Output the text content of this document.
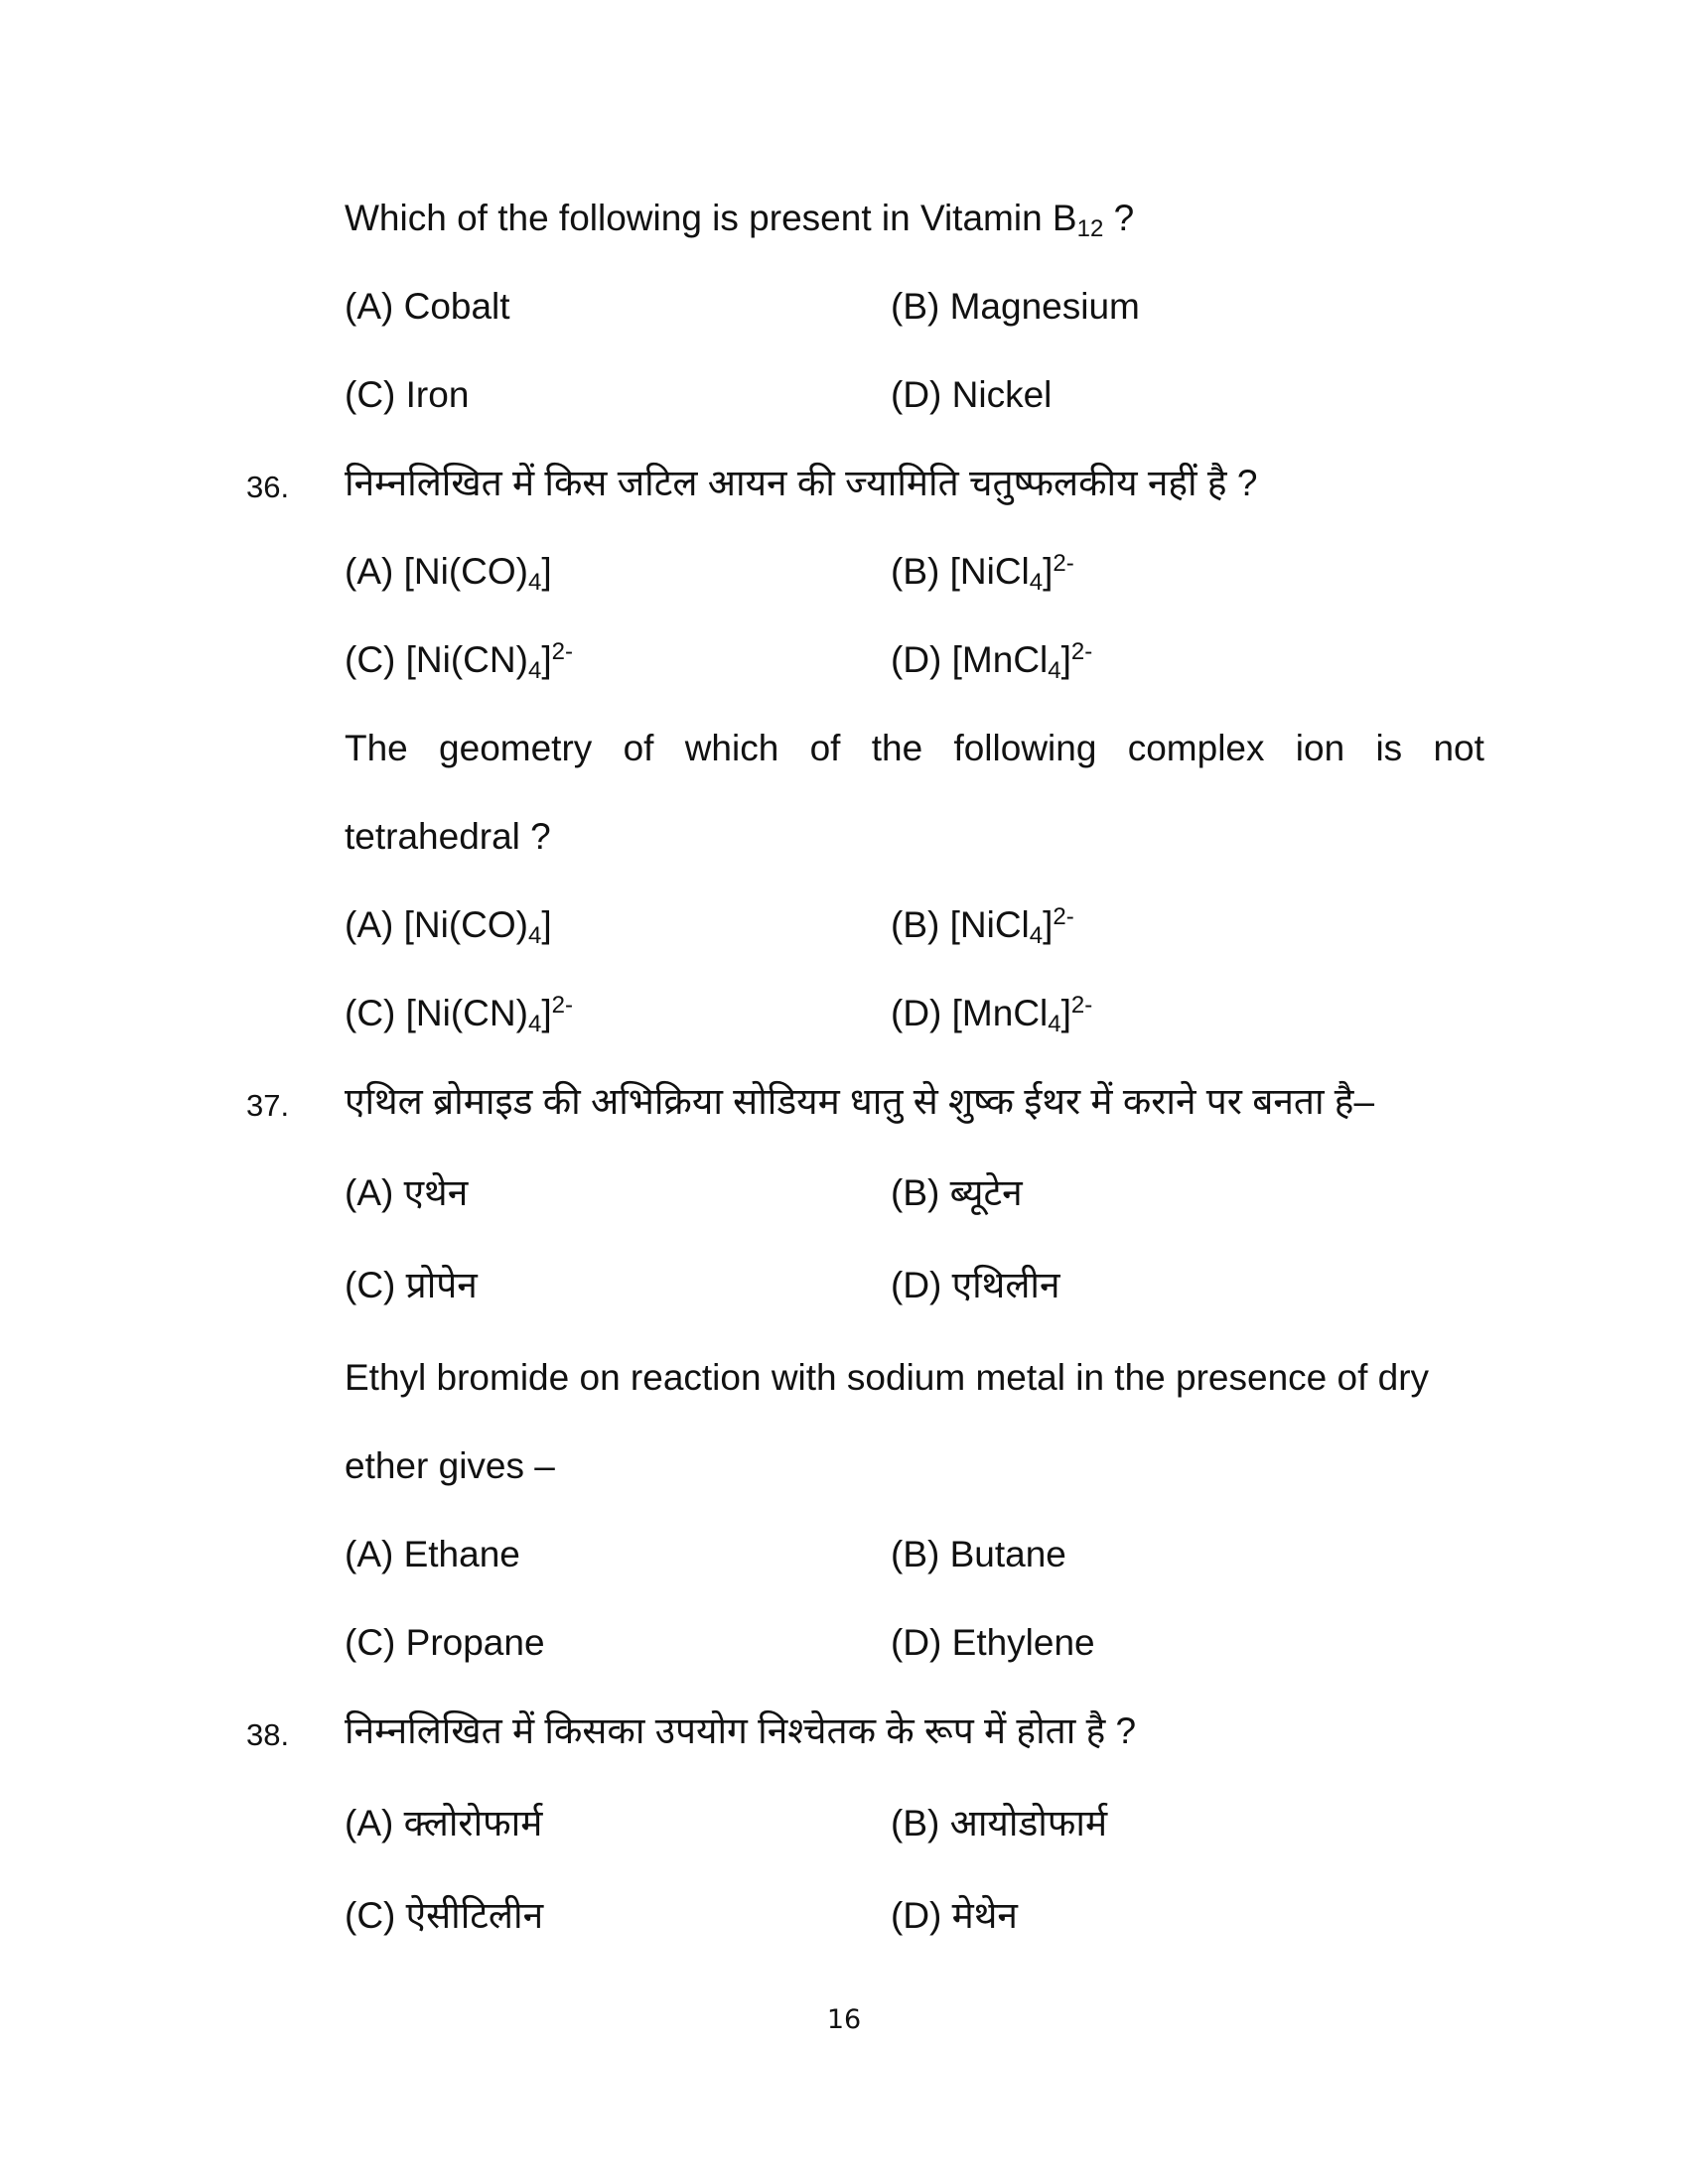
Which of the following is present in Vitamin $B_{12}$ ?
(A) Cobalt	(B) Magnesium
(C) Iron	(D) Nickel
36. निम्नलिखित में किस जटिल आयन की ज्यामिति चतुष्फलकीय नहीं है ?
(A) $[Ni(CO)_4]$	(B) [NiCl$_4$]$^{2-}$
(C) $[Ni(CN)_4]^{2-}$	(D) [MnCl$_4$]$^{2-}$
The geometry of which of the following complex ion is not
tetrahedral ?
(A) $[Ni(CO)_4]$	(B) [NiCl$_4$]$^{2-}$
(C) $[Ni(CN)_4]^{2-}$	(D) [MnCl$_4$]$^{2-}$
37. एथिल ब्रोमाइड की अभिक्रिया सोडियम धातु से शुष्क ईथर में कराने पर बनता है–
(A) एथेन	(B) ब्यूटेन
(C) प्रोपेन	(D) एथिलीन
Ethyl bromide on reaction with sodium metal in the presence of dry
ether gives –
(A) Ethane	(B) Butane
(C) Propane	(D) Ethylene
38. निम्नलिखित में किसका उपयोग निश्चेतक के रूप में होता है ?
(A) क्लोरोफार्म	(B) आयोडोफार्म
(C) ऐसीटिलीन	(D) मेथेन
16
